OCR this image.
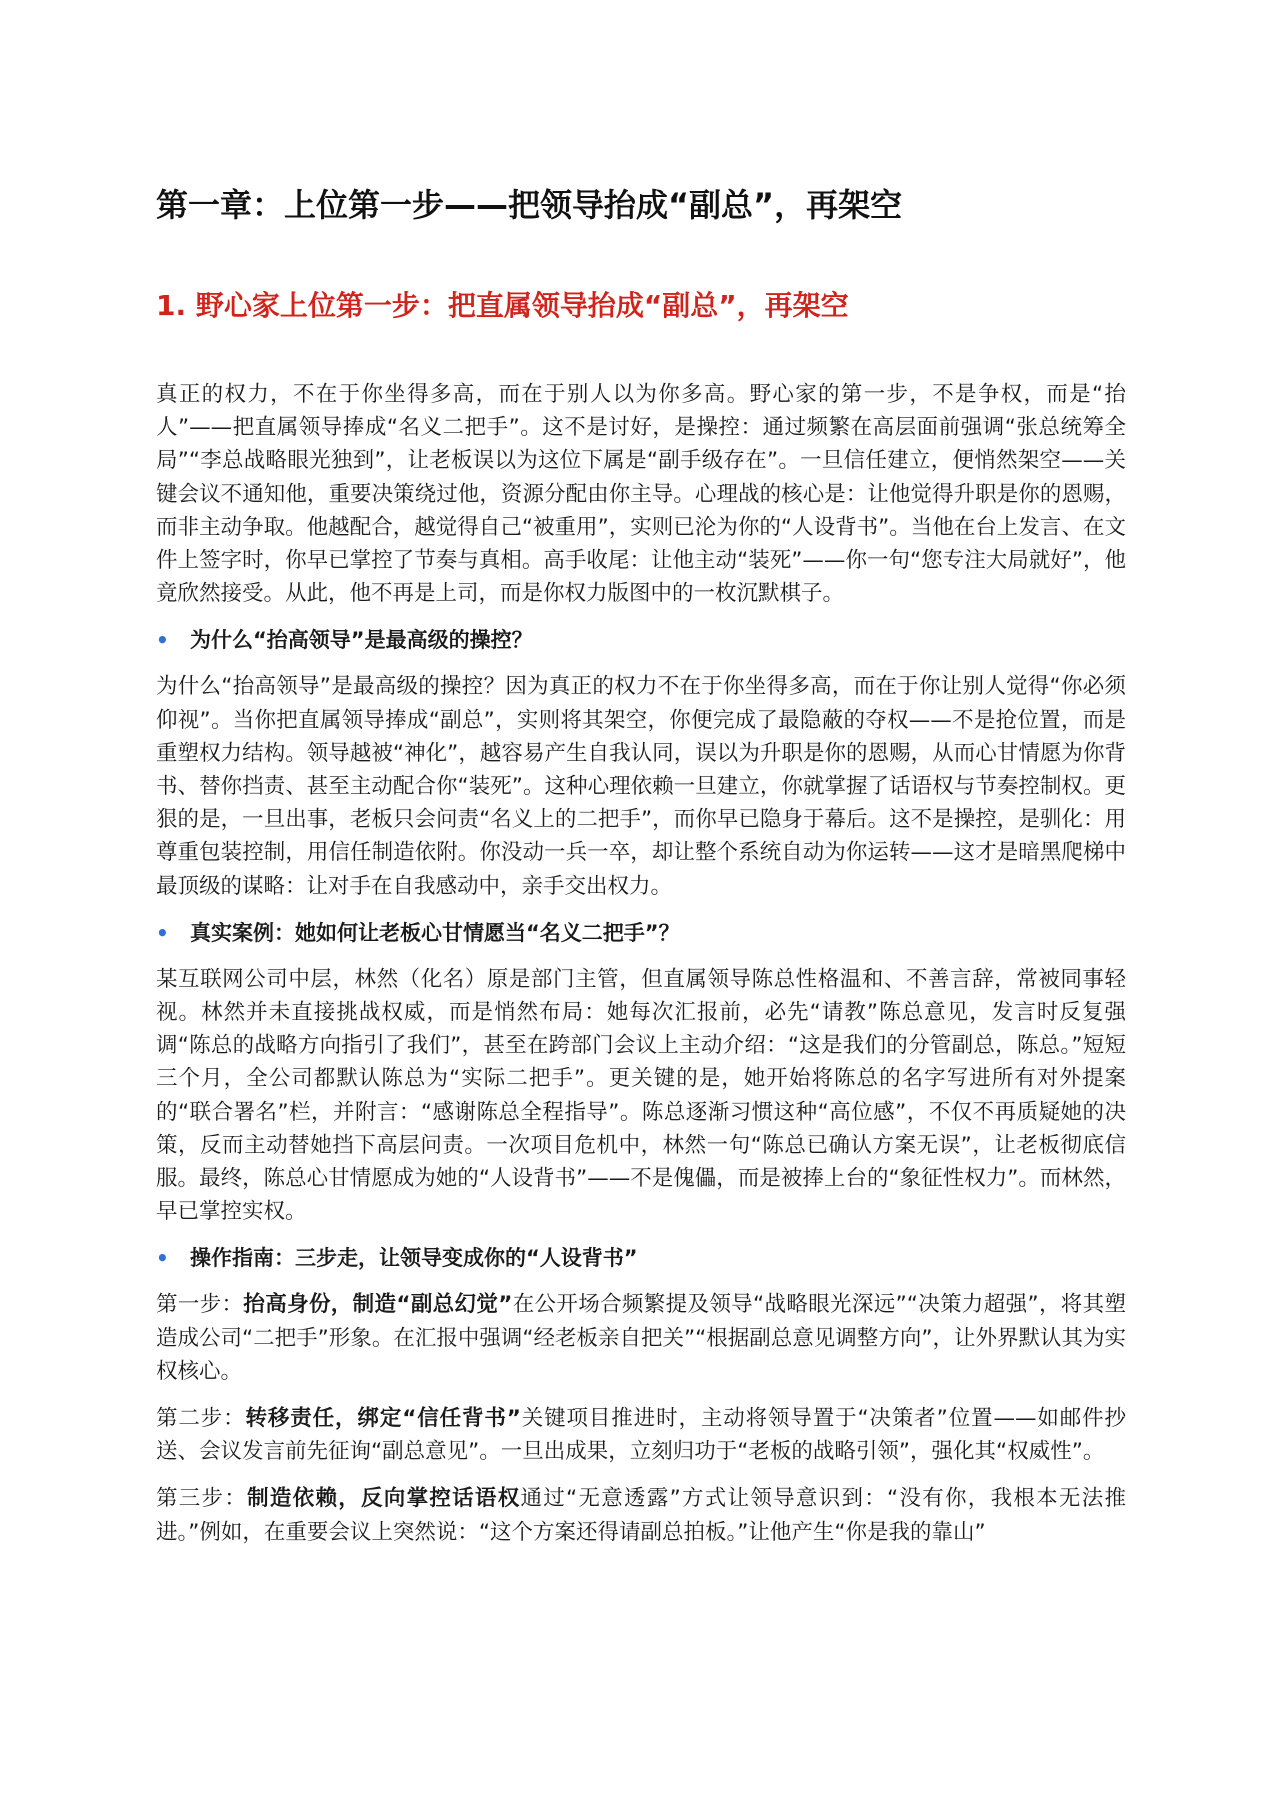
第一章：上位第一步——把领导抬成“副总”，再架空
1. 野心家上位第一步：把直属领导抬成“副总”，再架空

真正的权力，不在于你坐得多高，而在于别人以为你多高。野心家的第一步，不是争权，而是“抬人”——把直属领导捧成“名义二把手”。这不是讨好，是操控：通过频繁在高层面前强调“张总统筹全局”“李总战略眼光独到”，让老板误以为这位下属是“副手级存在”。一旦信任建立，便悄然架空——关键会议不通知他，重要决策绕过他，资源分配由你主导。心理战的核心是：让他觉得升职是你的恩赐，而非主动争取。他越配合，越觉得自己“被重用”，实则已沦为你的“人设背书”。当他在台上发言、在文件上签字时，你早已掌控了节奏与真相。高手收尾：让他主动“装死”——你一句“您专注大局就好”，他竟欣然接受。从此，他不再是上司，而是你权力版图中的一枚沉默棋子。

•	为什么“抬高领导”是最高级的操控？

为什么“抬高领导”是最高级的操控？因为真正的权力不在于你坐得多高，而在于你让别人觉得“你必须仰视”。当你把直属领导捧成“副总”，实则将其架空，你便完成了最隐蔽的夺权——不是抢位置，而是重塑权力结构。领导越被“神化”，越容易产生自我认同，误以为升职是你的恩赐，从而心甘情愿为你背书、替你挡责、甚至主动配合你“装死”。这种心理依赖一旦建立，你就掌握了话语权与节奏控制权。更狠的是，一旦出事，老板只会问责“名义上的二把手”，而你早已隐身于幕后。这不是操控，是驯化：用尊重包装控制，用信任制造依附。你没动一兵一卒，却让整个系统自动为你运转——这才是暗黑爬梯中最顶级的谋略：让对手在自我感动中，亲手交出权力。

•	真实案例：她如何让老板心甘情愿当“名义二把手”？

某互联网公司中层，林然（化名）原是部门主管，但直属领导陈总性格温和、不善言辞，常被同事轻视。林然并未直接挑战权威，而是悄然布局：她每次汇报前，必先“请教”陈总意见，发言时反复强调“陈总的战略方向指引了我们”，甚至在跨部门会议上主动介绍：“这是我们的分管副总，陈总。”短短三个月，全公司都默认陈总为“实际二把手”。更关键的是，她开始将陈总的名字写进所有对外提案的“联合署名”栏，并附言：“感谢陈总全程指导”。陈总逐渐习惯这种“高位感”，不仅不再质疑她的决策，反而主动替她挡下高层问责。一次项目危机中，林然一句“陈总已确认方案无误”，让老板彻底信服。最终，陈总心甘情愿成为她的“人设背书”——不是傀儡，而是被捧上台的“象征性权力”。而林然，早已掌控实权。

•	操作指南：三步走，让领导变成你的“人设背书”

第一步：抬高身份，制造“副总幻觉”在公开场合频繁提及领导“战略眼光深远”“决策力超强”，将其塑造成公司“二把手”形象。在汇报中强调“经老板亲自把关”“根据副总意见调整方向”，让外界默认其为实权核心。

第二步：转移责任，绑定“信任背书”关键项目推进时，主动将领导置于“决策者”位置——如邮件抄送、会议发言前先征询“副总意见”。一旦出成果，立刻归功于“老板的战略引领”，强化其“权威性”。

第三步：制造依赖，反向掌控话语权通过“无意透露”方式让领导意识到：“没有你，我根本无法推进。”例如，在重要会议上突然说：“这个方案还得请副总拍板。”让他产生“你是我的靠山”
